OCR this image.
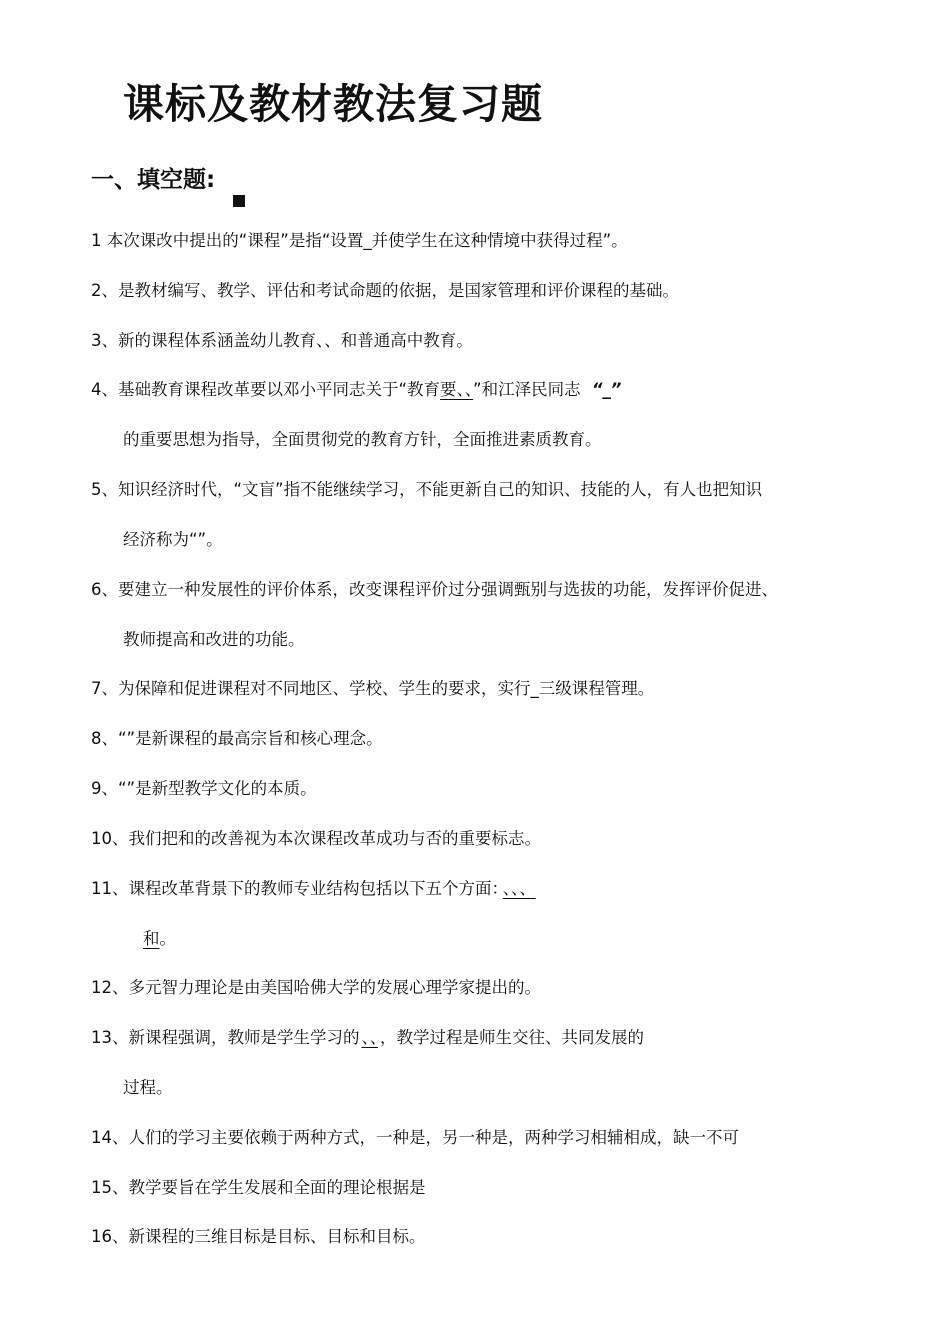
课标及教材教法复习题
一、填空题:
1 本次课改中提出的“课程”是指“设置_并使学生在这种情境中获得过程”。
2、是教材编写、教学、评估和考试命题的依据，是国家管理和评价课程的基础。
3、新的课程体系涵盖幼儿教育、、和普通高中教育。
4、基础教育课程改革要以邓小平同志关于“教育要、、”和江泽民同志 “_”
的重要思想为指导，全面贯彻党的教育方针，全面推进素质教育。
5、知识经济时代，“文盲”指不能继续学习，不能更新自己的知识、技能的人，有人也把知识
经济称为“”。
6、要建立一种发展性的评价体系，改变课程评价过分强调甄别与选拔的功能，发挥评价促进、
教师提高和改进的功能。
7、为保障和促进课程对不同地区、学校、学生的要求，实行_三级课程管理。
8、“”是新课程的最高宗旨和核心理念。
9、“”是新型教学文化的本质。
10、我们把和的改善视为本次课程改革成功与否的重要标志。
11、课程改革背景下的教师专业结构包括以下五个方面： 、、、
和。
12、多元智力理论是由美国哈佛大学的发展心理学家提出的。
13、新课程强调，教师是学生学习的 、、 ，教学过程是师生交往、共同发展的
过程。
14、人们的学习主要依赖于两种方式，一种是，另一种是，两种学习相辅相成，缺一不可
15、教学要旨在学生发展和全面的理论根据是
16、新课程的三维目标是目标、目标和目标。
